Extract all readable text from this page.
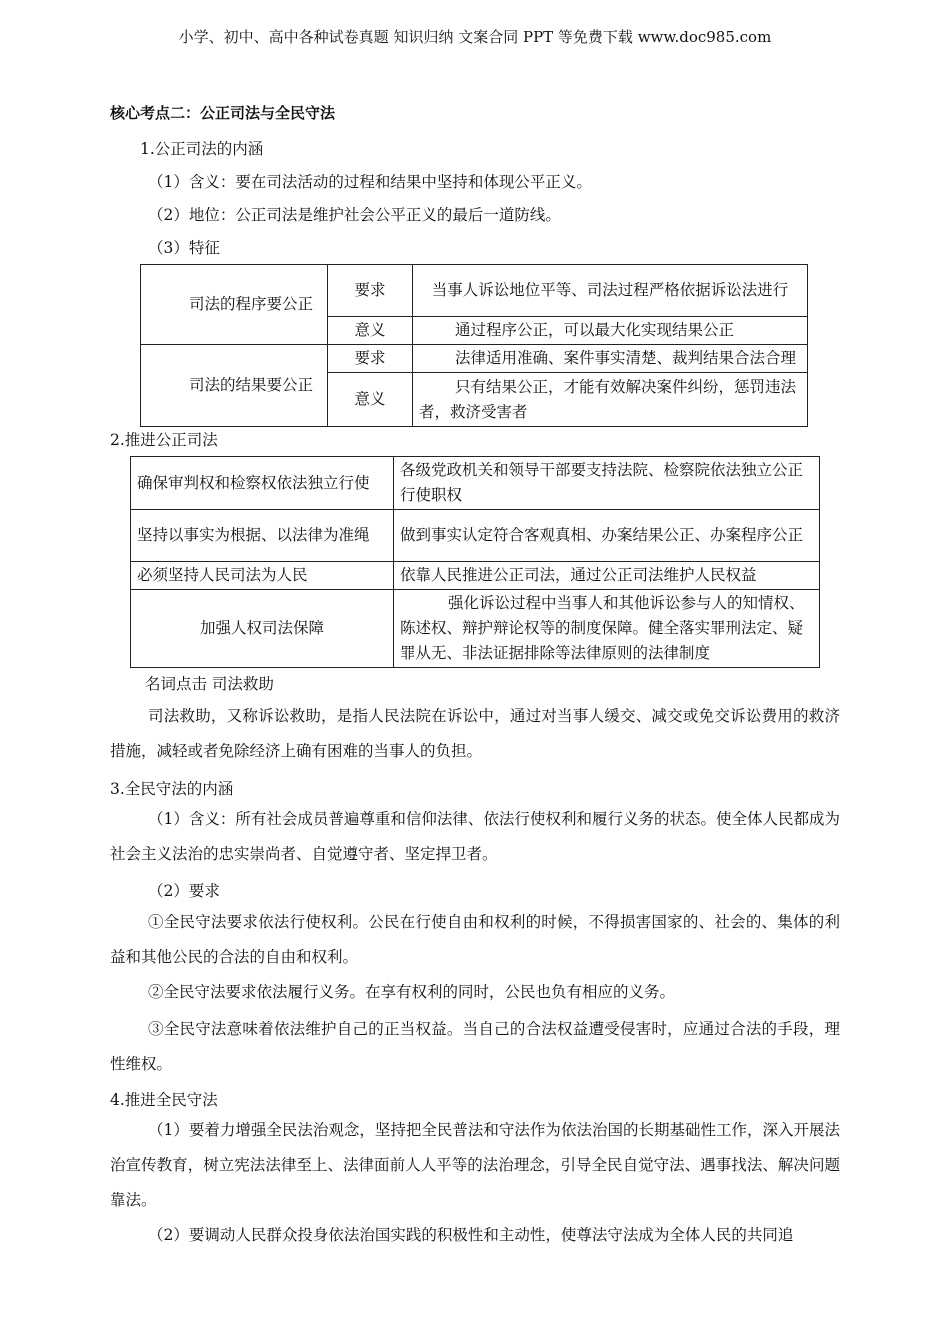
小学、初中、高中各种试卷真题 知识归纳 文案合同 PPT 等免费下载 www.doc985.com
核心考点二：公正司法与全民守法
1.公正司法的内涵
（1）含义：要在司法活动的过程和结果中坚持和体现公平正义。
（2）地位：公正司法是维护社会公平正义的最后一道防线。
（3）特征
司法的程序要公正	要求	当事人诉讼地位平等、司法过程严格依据诉讼法进行
	意义	通过程序公正，可以最大化实现结果公正
司法的结果要公正	要求	法律适用准确、案件事实清楚、裁判结果合法合理
	意义	只有结果公正，才能有效解决案件纠纷，惩罚违法者，救济受害者
2.推进公正司法
确保审判权和检察权依法独立行使	各级党政机关和领导干部要支持法院、检察院依法独立公正行使职权
坚持以事实为根据、以法律为准绳	做到事实认定符合客观真相、办案结果公正、办案程序公正
必须坚持人民司法为人民	依靠人民推进公正司法，通过公正司法维护人民权益
加强人权司法保障	强化诉讼过程中当事人和其他诉讼参与人的知情权、陈述权、辩护辩论权等的制度保障。健全落实罪刑法定、疑罪从无、非法证据排除等法律原则的法律制度
名词点击 司法救助
司法救助，又称诉讼救助，是指人民法院在诉讼中，通过对当事人缓交、减交或免交诉讼费用的救济措施，减轻或者免除经济上确有困难的当事人的负担。
3.全民守法的内涵
（1）含义：所有社会成员普遍尊重和信仰法律、依法行使权利和履行义务的状态。使全体人民都成为社会主义法治的忠实崇尚者、自觉遵守者、坚定捍卫者。
（2）要求
①全民守法要求依法行使权利。公民在行使自由和权利的时候，不得损害国家的、社会的、集体的利益和其他公民的合法的自由和权利。
②全民守法要求依法履行义务。在享有权利的同时，公民也负有相应的义务。
③全民守法意味着依法维护自己的正当权益。当自己的合法权益遭受侵害时，应通过合法的手段，理性维权。
4.推进全民守法
（1）要着力增强全民法治观念，坚持把全民普法和守法作为依法治国的长期基础性工作，深入开展法治宣传教育，树立宪法法律至上、法律面前人人平等的法治理念，引导全民自觉守法、遇事找法、解决问题靠法。
（2）要调动人民群众投身依法治国实践的积极性和主动性，使尊法守法成为全体人民的共同追
